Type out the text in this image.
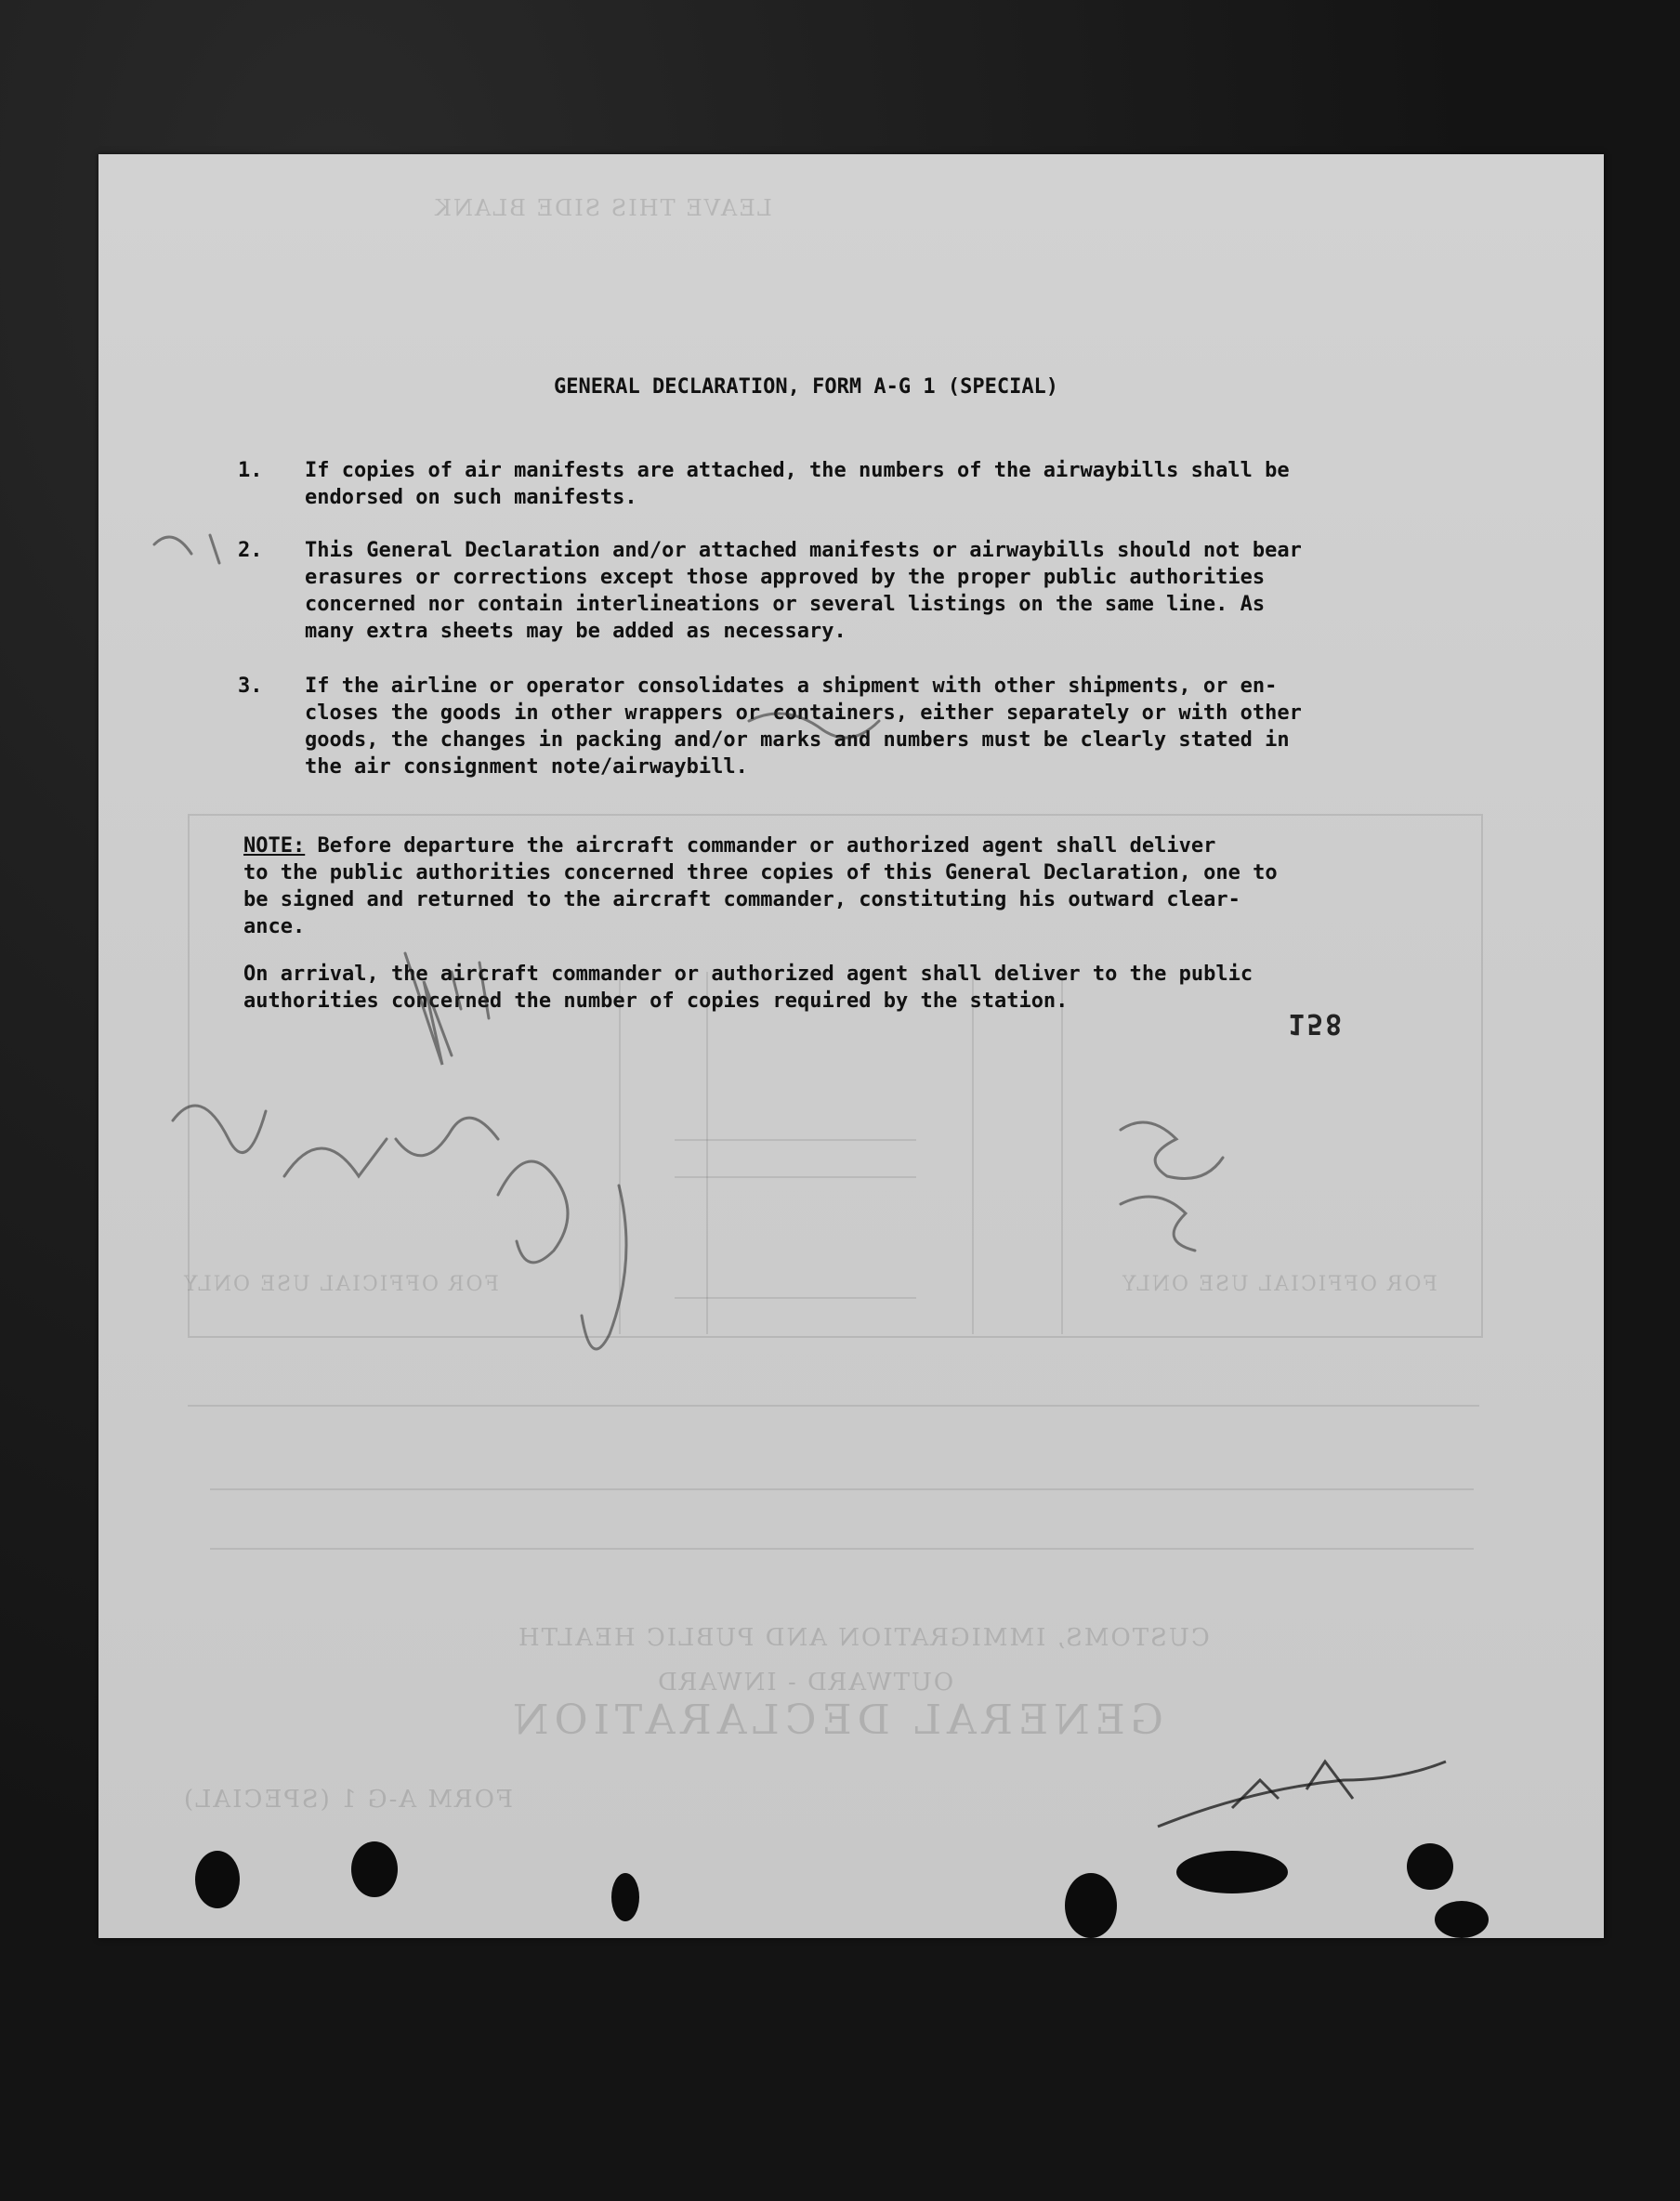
LEAVE THIS SIDE BLANK
FOR OFFICIAL USE ONLY	FOR OFFICIAL USE ONLY
CUSTOMS, IMMIGRATION AND PUBLIC HEALTH
OUTWARD - INWARD
GENERAL DECLARATION
FORM A-G 1 (SPECIAL)
GENERAL DECLARATION, FORM A-G 1 (SPECIAL)
1.	If copies of air manifests are attached, the numbers of the airwaybills shall be
endorsed on such manifests.
2.	This General Declaration and/or attached manifests or airwaybills should not bear
erasures or corrections except those approved by the proper public authorities
concerned nor contain interlineations or several listings on the same line. As
many extra sheets may be added as necessary.
3.	If the airline or operator consolidates a shipment with other shipments, or en-
closes the goods in other wrappers or containers, either separately or with other
goods, the changes in packing and/or marks and numbers must be clearly stated in
the air consignment note/airwaybill.
NOTE: Before departure the aircraft commander or authorized agent shall deliver
to the public authorities concerned three copies of this General Declaration, one to
be signed and returned to the aircraft commander, constituting his outward clear-
ance.
On arrival, the aircraft commander or authorized agent shall deliver to the public
authorities concerned the number of copies required by the station.
158
